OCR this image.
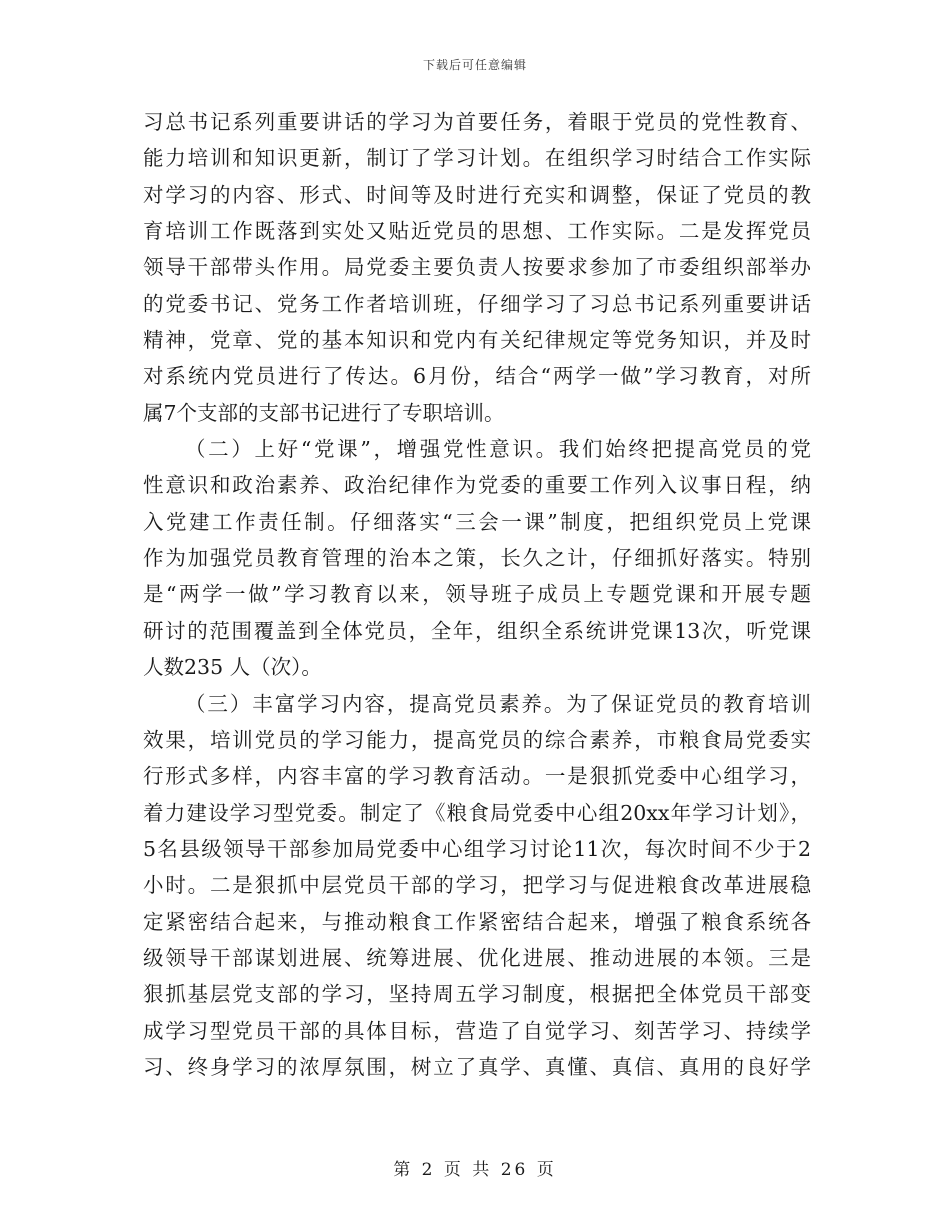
下载后可任意编辑
习总书记系列重要讲话的学习为首要任务，着眼于党员的党性教育、
能力培训和知识更新，制订了学习计划。在组织学习时结合工作实际
对学习的内容、形式、时间等及时进行充实和调整，保证了党员的教
育培训工作既落到实处又贴近党员的思想、工作实际。二是发挥党员
领导干部带头作用。局党委主要负责人按要求参加了市委组织部举办
的党委书记、党务工作者培训班，仔细学习了习总书记系列重要讲话
精神，党章、党的基本知识和党内有关纪律规定等党务知识，并及时
对系统内党员进行了传达。6月份，结合“两学一做”学习教育，对所
属7个支部的支部书记进行了专职培训。
（二）上好“党课”，增强党性意识。我们始终把提高党员的党
性意识和政治素养、政治纪律作为党委的重要工作列入议事日程，纳
入党建工作责任制。仔细落实“三会一课”制度，把组织党员上党课
作为加强党员教育管理的治本之策，长久之计，仔细抓好落实。特别
是“两学一做”学习教育以来，领导班子成员上专题党课和开展专题
研讨的范围覆盖到全体党员，全年，组织全系统讲党课13次，听党课
人数235 人（次）。
（三）丰富学习内容，提高党员素养。为了保证党员的教育培训
效果，培训党员的学习能力，提高党员的综合素养，市粮食局党委实
行形式多样，内容丰富的学习教育活动。一是狠抓党委中心组学习，
着力建设学习型党委。制定了《粮食局党委中心组20xx年学习计划》，
5名县级领导干部参加局党委中心组学习讨论11次，每次时间不少于2
小时。二是狠抓中层党员干部的学习，把学习与促进粮食改革进展稳
定紧密结合起来，与推动粮食工作紧密结合起来，增强了粮食系统各
级领导干部谋划进展、统筹进展、优化进展、推动进展的本领。三是
狠抓基层党支部的学习，坚持周五学习制度，根据把全体党员干部变
成学习型党员干部的具体目标，营造了自觉学习、刻苦学习、持续学
习、终身学习的浓厚氛围，树立了真学、真懂、真信、真用的良好学
第 2 页 共 26 页
